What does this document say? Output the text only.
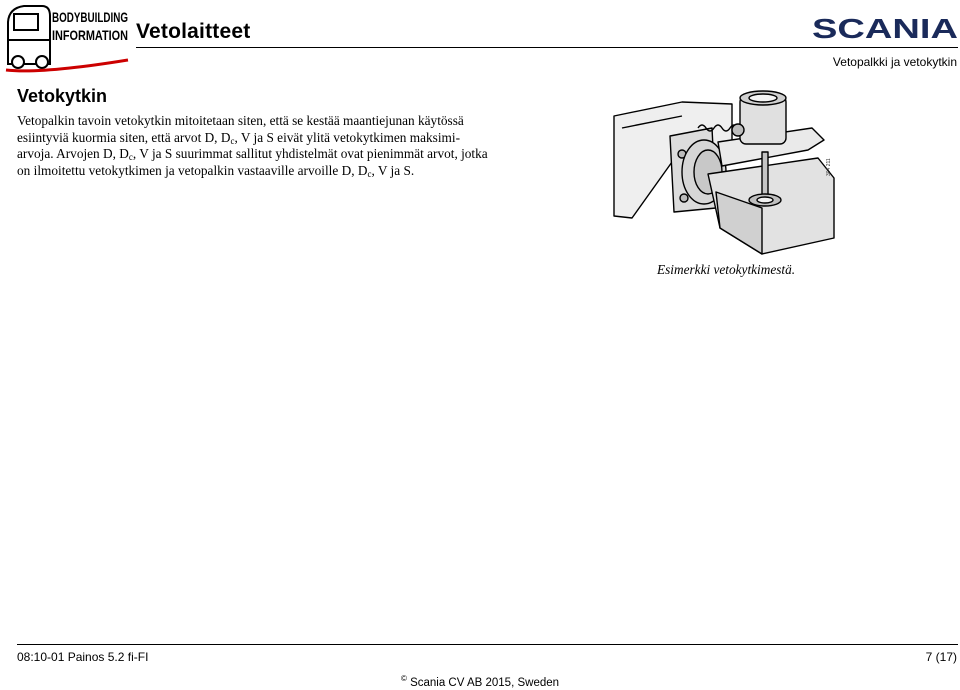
BODYBUILDING
INFORMATION Vetolaitteet	SCANIA
Vetopalkki ja vetokytkin
Vetokytkin

Vetopalkin tavoin vetokytkin mitoitetaan siten, että se kestää maantiejunan käytössä esiintyviä kuormia siten, että arvot D, $D_c$, V ja S eivät ylitä vetokytkimen maksimiarvoja. Arvojen D, $D_c$, V ja S suurimmat sallitut yhdistelmät ovat pienimmät arvot, jotka on ilmoitettu vetokytkimen ja vetopalkin vastaaville arvoille D, $D_c$, V ja S.	304 211
Esimerkki vetokytkimestä.
08:10-01 Painos 5.2 fi-FI	7 (17)
© Scania CV AB 2015, Sweden
